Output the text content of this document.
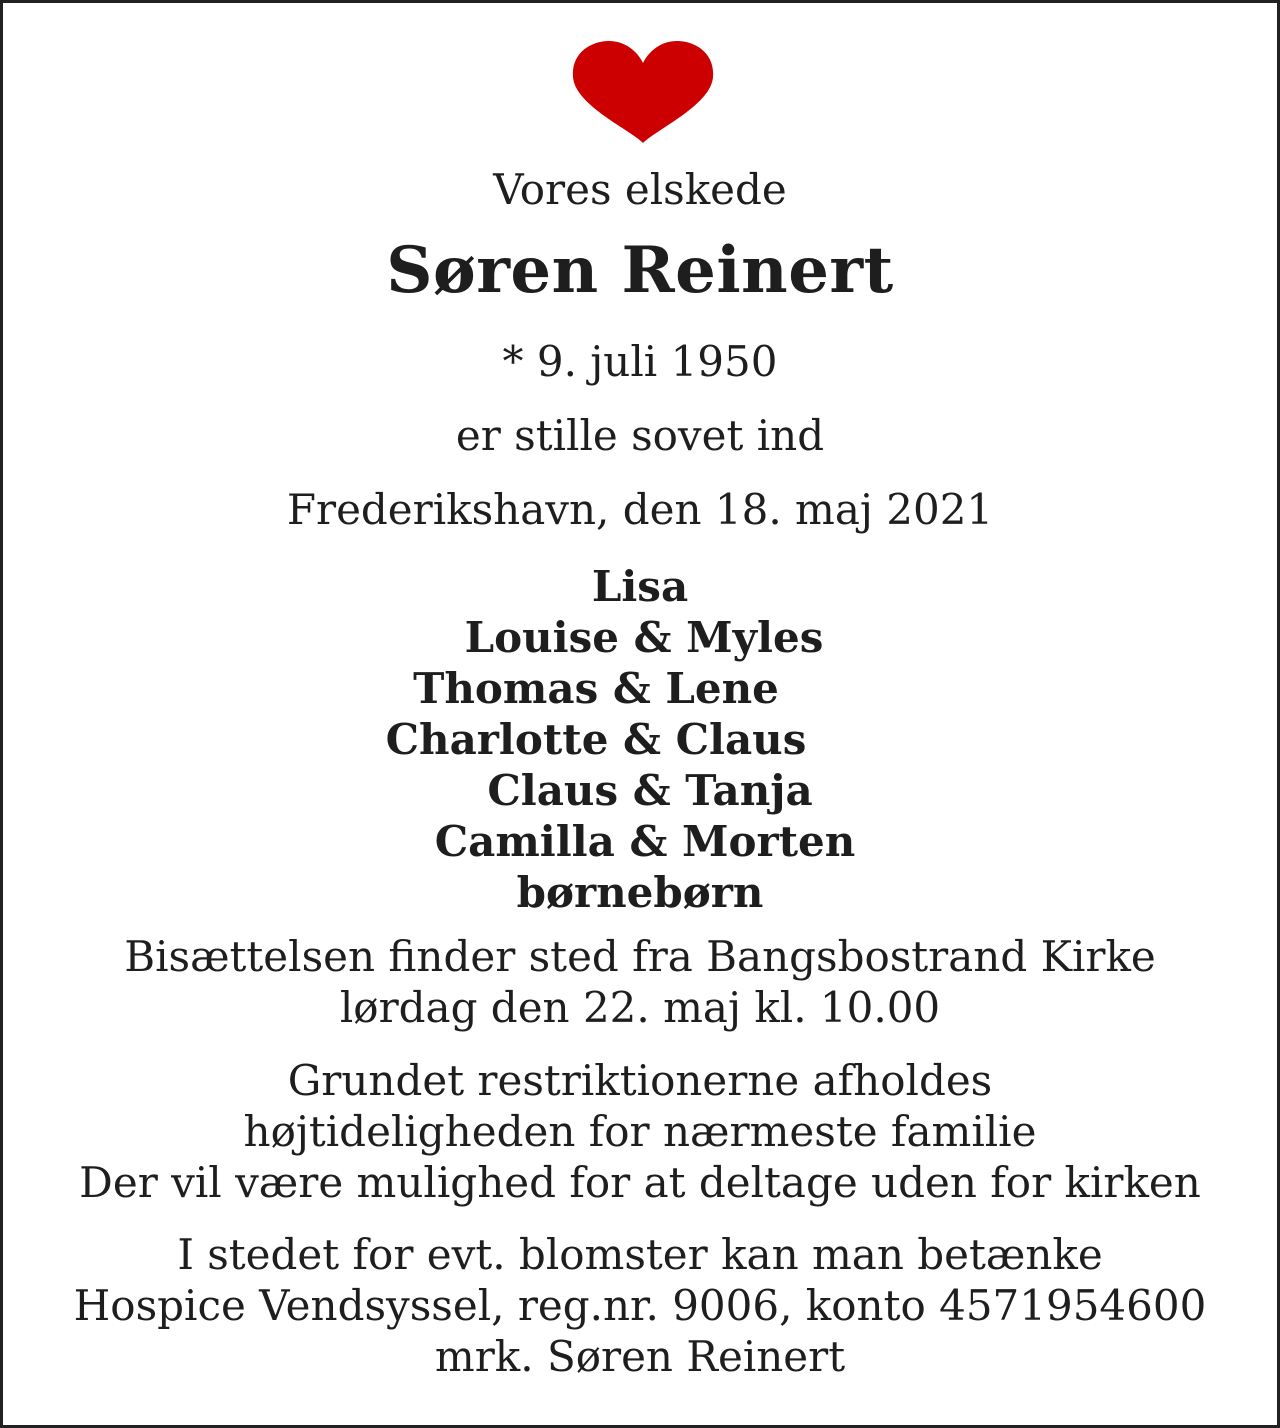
Vores elskede

Søren Reinert

* 9. juli 1950

er stille sovet ind

Frederikshavn, den 18. maj 2021

Lisa
Louise & Myles
Thomas & Lene
Charlotte & Claus
Claus & Tanja
Camilla & Morten
børnebørn
Bisættelsen finder sted fra Bangsbostrand Kirke
lørdag den 22. maj kl. 10.00
Grundet restriktionerne afholdes
højtideligheden for nærmeste familie
Der vil være mulighed for at deltage uden for kirken
I stedet for evt. blomster kan man betænke
Hospice Vendsyssel, reg.nr. 9006, konto 4571954600
mrk. Søren Reinert
